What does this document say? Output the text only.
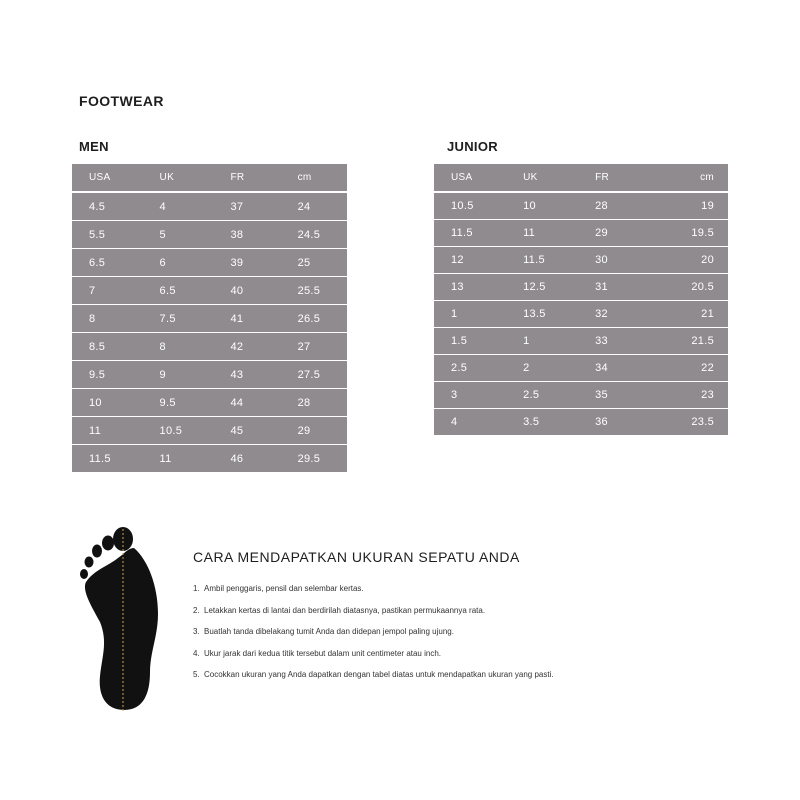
FOOTWEAR
MEN	JUNIOR
USA	UK	FR	cm
4.5	4	37	24
5.5	5	38	24.5
6.5	6	39	25
7	6.5	40	25.5
8	7.5	41	26.5
8.5	8	42	27
9.5	9	43	27.5
10	9.5	44	28
11	10.5	45	29
11.5	11	46	29.5
USA	UK	FR	cm
10.5	10	28	19
11.5	11	29	19.5
12	11.5	30	20
13	12.5	31	20.5
1	13.5	32	21
1.5	1	33	21.5
2.5	2	34	22
3	2.5	35	23
4	3.5	36	23.5
CARA MENDAPATKAN UKURAN SEPATU ANDA
1. Ambil penggaris, pensil dan selembar kertas.
2. Letakkan kertas di lantai dan berdirilah diatasnya, pastikan permukaannya rata.
3. Buatlah tanda dibelakang tumit Anda dan didepan jempol paling ujung.
4. Ukur jarak dari kedua titik tersebut dalam unit centimeter atau inch.
5. Cocokkan ukuran yang Anda dapatkan dengan tabel diatas untuk mendapatkan ukuran yang pasti.
